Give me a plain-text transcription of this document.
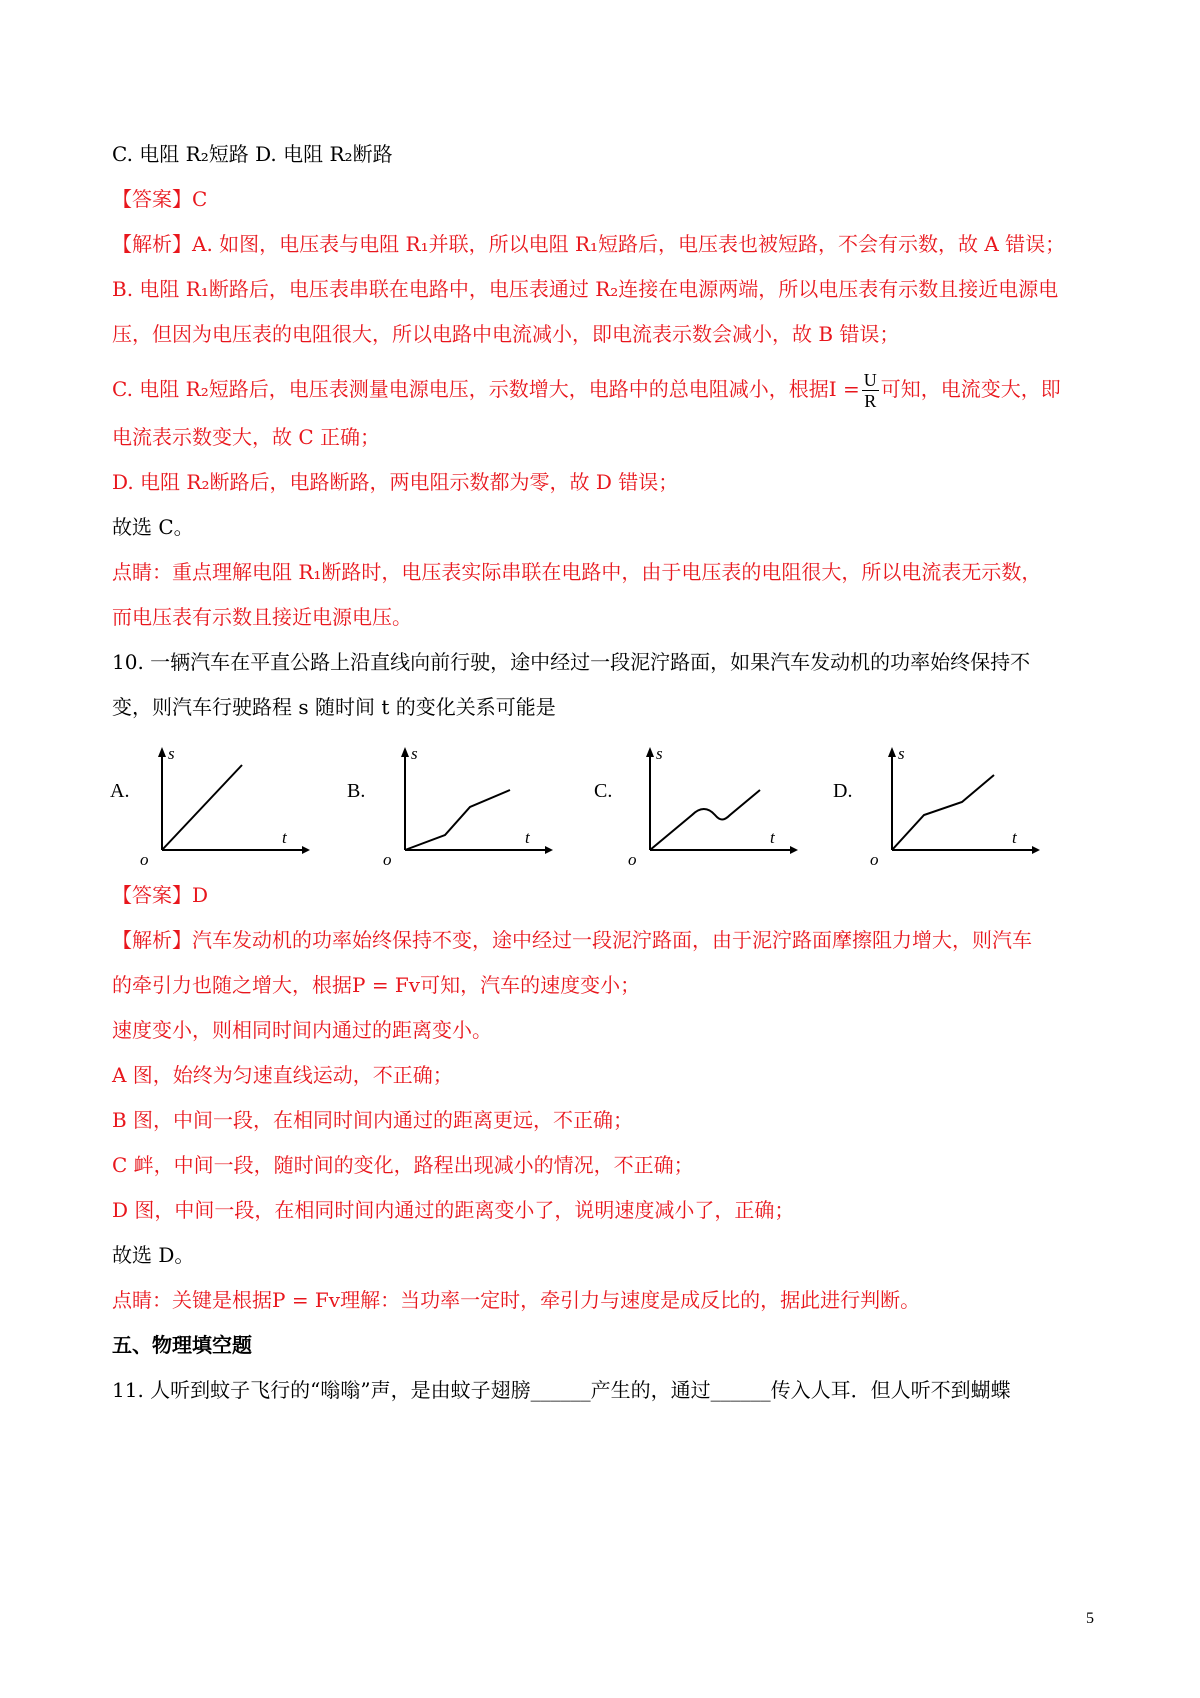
C. 电阻 R₂短路 D. 电阻 R₂断路
【答案】C
【解析】A. 如图，电压表与电阻 R₁并联，所以电阻 R₁短路后，电压表也被短路，不会有示数，故 A 错误；
B. 电阻 R₁断路后，电压表串联在电路中，电压表通过 R₂连接在电源两端，所以电压表有示数且接近电源电
压，但因为电压表的电阻很大，所以电路中电流减小，即电流表示数会减小，故 B 错误；
C. 电阻 R₂短路后，电压表测量电源电压，示数增大，电路中的总电阻减小，根据$I = \frac{U}{R}$ 可知，电流变大，即
电流表示数变大，故 C 正确；
D. 电阻 R₂断路后，电路断路，两电阻示数都为零，故 D 错误；
故选 C。
点睛：重点理解电阻 R₁断路时，电压表实际串联在电路中，由于电压表的电阻很大，所以电流表无示数，
而电压表有示数且接近电源电压。
10. 一辆汽车在平直公路上沿直线向前行驶，途中经过一段泥泞路面，如果汽车发动机的功率始终保持不
变，则汽车行驶路程 s 随时间 t 的变化关系可能是
A.
s
t
o
B.
s
t
o
C.
s
t
o
D.
s
t
o
【答案】D
【解析】汽车发动机的功率始终保持不变，途中经过一段泥泞路面，由于泥泞路面摩擦阻力增大，则汽车
的牵引力也随之增大，根据P = Fv可知，汽车的速度变小；
速度变小，则相同时间内通过的距离变小。
A 图，始终为匀速直线运动，不正确；
B 图，中间一段，在相同时间内通过的距离更远，不正确；
C 衅，中间一段，随时间的变化，路程出现减小的情况，不正确；
D 图，中间一段，在相同时间内通过的距离变小了，说明速度减小了，正确；
故选 D。
点睛：关键是根据P = Fv理解：当功率一定时，牵引力与速度是成反比的，据此进行判断。
五、物理填空题
11. 人听到蚊子飞行的“嗡嗡”声，是由蚊子翅膀______产生的，通过______传入人耳．但人听不到蝴蝶
5
